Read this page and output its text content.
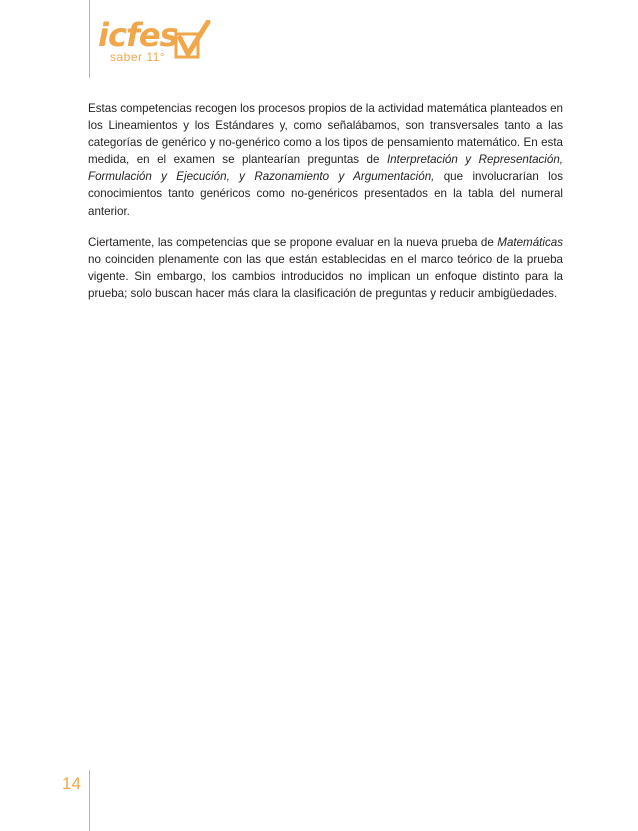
icfes
saber 11°

Estas competencias recogen los procesos propios de la actividad matemática planteados en los Lineamientos y los Estándares y, como señalábamos, son transversales tanto a las categorías de genérico y no-genérico como a los tipos de pensamiento matemático. En esta medida, en el examen se plantearían preguntas de Interpretación y Representación, Formulación y Ejecución, y Razonamiento y Argumentación, que involucrarían los conocimientos tanto genéricos como no-genéricos presentados en la tabla del numeral anterior.

Ciertamente, las competencias que se propone evaluar en la nueva prueba de Matemáticas no coinciden plenamente con las que están establecidas en el marco teórico de la prueba vigente. Sin embargo, los cambios introducidos no implican un enfoque distinto para la prueba; solo buscan hacer más clara la clasificación de preguntas y reducir ambigüedades.

14
